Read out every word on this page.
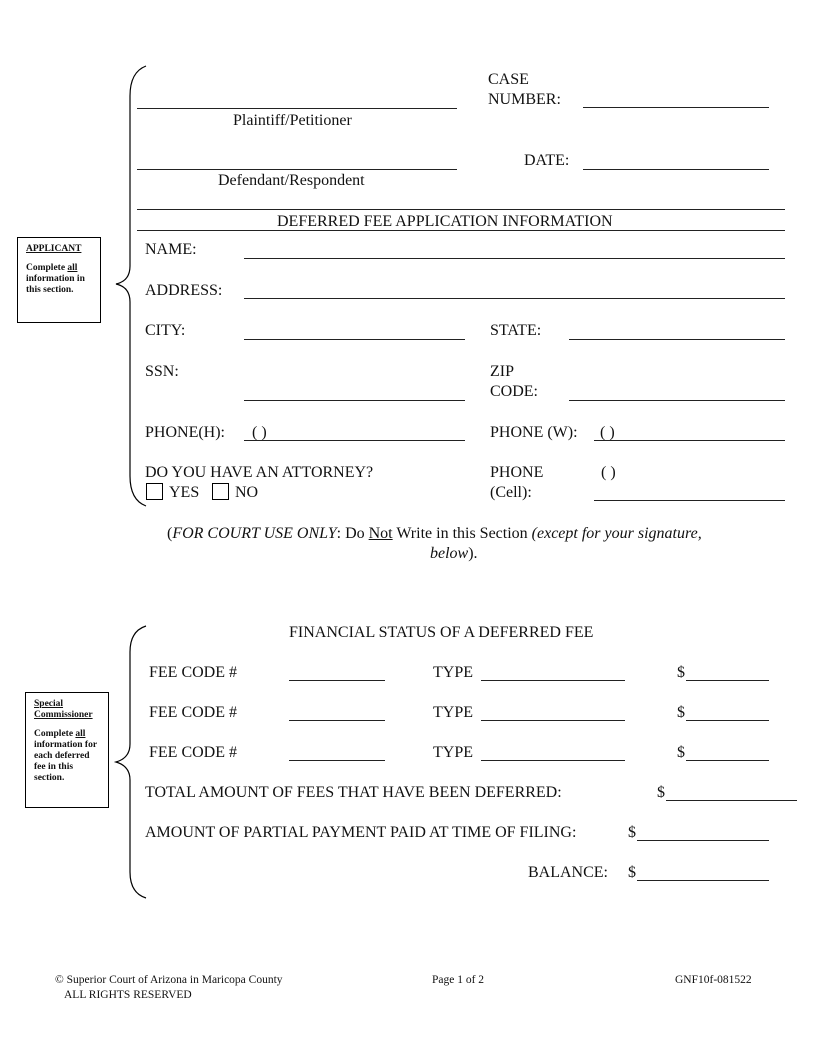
Plaintiff/Petitioner
CASE
NUMBER:
Defendant/Respondent
DATE:
APPLICANT
Complete all information in this section.
DEFERRED FEE APPLICATION INFORMATION
NAME:
ADDRESS:
CITY:	STATE:
SSN:	ZIP
CODE:
PHONE(H): ( )	PHONE (W): ( )
DO YOU HAVE AN ATTORNEY?
YES NO
PHONE
(Cell):
( )
(FOR COURT USE ONLY: Do Not Write in this Section (except for your signature,
below).
Special
Commissioner
Complete all information for each deferred fee in this section.
FINANCIAL STATUS OF A DEFERRED FEE
FEE CODE #	TYPE	$
FEE CODE #	TYPE	$
FEE CODE #	TYPE	$
TOTAL AMOUNT OF FEES THAT HAVE BEEN DEFERRED:	$
AMOUNT OF PARTIAL PAYMENT PAID AT TIME OF FILING:	$
BALANCE: $
© Superior Court of Arizona in Maricopa County
ALL RIGHTS RESERVED
Page 1 of 2	GNF10f-081522
